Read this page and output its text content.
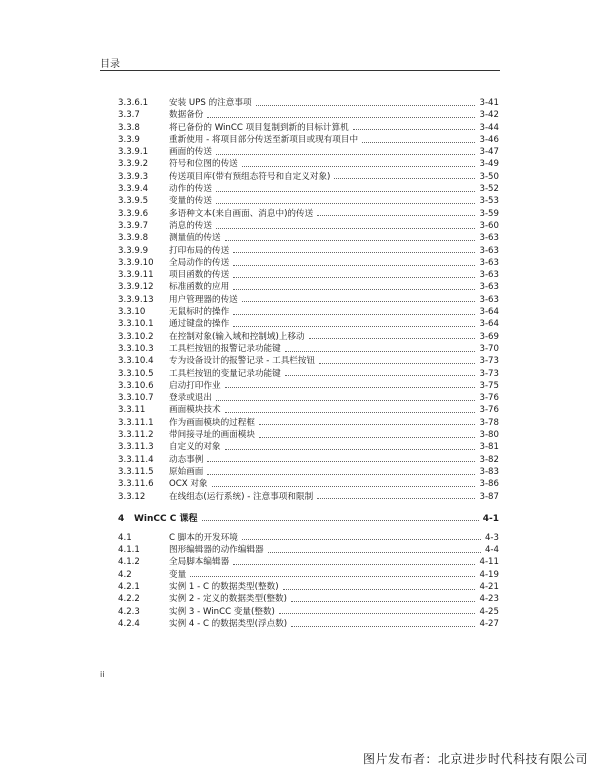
目录
3.3.6.1 安装 UPS 的注意事项	3-41
3.3.7	数据备份	3-42
3.3.8	将已备份的 WinCC 项目复制到新的目标计算机	3-44
3.3.9	重新使用 - 将项目部分传送至新项目或现有项目中	3-46
3.3.9.1 画面的传送	3-47
3.3.9.2 符号和位图的传送	3-49
3.3.9.3 传送项目库(带有预组态符号和自定义对象)	3-50
3.3.9.4 动作的传送	3-52
3.3.9.5 变量的传送	3-53
3.3.9.6 多语种文本(来自画面、消息中)的传送	3-59
3.3.9.7 消息的传送	3-60
3.3.9.8 测量值的传送	3-63
3.3.9.9 打印布局的传送	3-63
3.3.9.10 全局动作的传送	3-63
3.3.9.11 项目函数的传送	3-63
3.3.9.12 标准函数的应用	3-63
3.3.9.13 用户管理器的传送	3-63
3.3.10	无鼠标时的操作	3-64
3.3.10.1 通过键盘的操作	3-64
3.3.10.2 在控制对象(输入域和控制域)上移动	3-69
3.3.10.3 工具栏按钮的报警记录功能键	3-70
3.3.10.4 专为设备设计的报警记录 - 工具栏按钮	3-73
3.3.10.5 工具栏按钮的变量记录功能键	3-73
3.3.10.6 启动打印作业	3-75
3.3.10.7 登录或退出	3-76
3.3.11	画面模块技术	3-76
3.3.11.1 作为画面模块的过程框	3-78
3.3.11.2 带间接寻址的画面模块	3-80
3.3.11.3 自定义的对象	3-81
3.3.11.4 动态事例	3-82
3.3.11.5 原始画面	3-83
3.3.11.6 OCX 对象	3-86
3.3.12	在线组态(运行系统) - 注意事项和限制	3-87
4 WinCC C 课程	4-1
4.1	C 脚本的开发环境	4-3
4.1.1	图形编辑器的动作编辑器	4-4
4.1.2	全局脚本编辑器	4-11
4.2	变量	4-19
4.2.1	实例 1 - C 的数据类型(整数)	4-21
4.2.2	实例 2 - 定义的数据类型(整数)	4-23
4.2.3	实例 3 - WinCC 变量(整数)	4-25
4.2.4	实例 4 - C 的数据类型(浮点数)	4-27
ii
图片发布者：北京进步时代科技有限公司
